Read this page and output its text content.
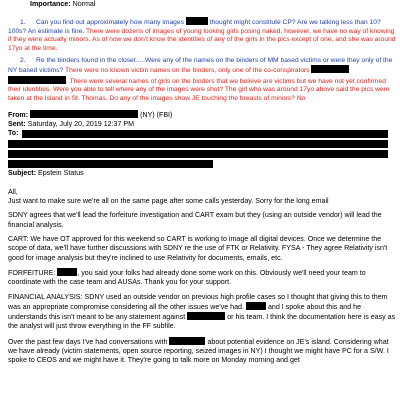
Importance: Normal
1. Can you find out approximately how many images	thought might constitute CP? Are we talking less than 10? 100s? An estimate is fine. There were dozens of images of young looking girls posing naked, however, we have no way of knowing if they were actually minors. As of now we don't know the identities of any of the girls in the pics except of one, and she was around 17yo at the time.
2. Re the binders found in the closet.....Were any of the names on the binders of MM based victims or were they only of the NY based victims? There were no known victim names on the binders, only one of the co-conspirators  . There were several names of girls on the binders that we believe are victims but we have not yet confirmed their identities. Were you able to tell where any of the images were shot? The girl who was around 17yo above said the pics were taken at the Island in St. Thomas. Do any of the images show JE touching the breasts of minors? No
From:	(NY) (FBI)
Sent: Saturday, July 20, 2019 12:37 PM
To:
Subject: Epstein Status

All,

Just want to make sure we're all on the same page after some calls yesterday. Sorry for the long email

SDNY agrees that we'll lead the forfeiture investigation and CART exam but they (using an outside vendor) will lead the financial analysis.

CART: We have OT approved for this weekend so CART is working to image all digital devices. Once we determine the scope of data, we'll have further discussions with SDNY re the use of FTK or Relativity. FYSA - They agree Relativity isn't good for image analysis but they're inclined to use Relativity for documents, emails, etc.

FORFEITURE:	, you said your folks had already done some work on this. Obviously we'll need your team to coordinate with the case team and AUSAs. Thank you for your support.

FINANCIAL ANALYSIS: SDNY used an outside vendor on previous high profile cases so I thought that giving this to them was an appropriate compromise considering all the other issues we've had.	and I spoke about this and he understands this isn't meant to be any statement against	or his team. I think the documentation here is easy as the analyst will just throw everything in the FF subfile.

Over the past few days I've had conversations with	about potential evidence on JE's island. Considering what we have already (victim statements, open source reporting, seized images in NY) I thought we might have PC for a S/W. I spoke to CEOS and we might have it. They're going to talk more on Monday morning and get
